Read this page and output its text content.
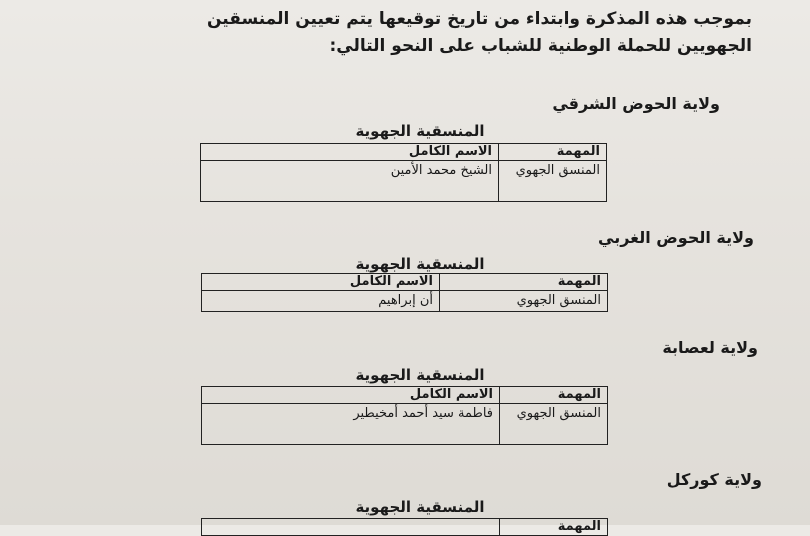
بموجب هذه المذكرة وابتداء من تاريخ توقيعها يتم تعيين المنسقين
الجهويين للحملة الوطنية للشباب على النحو التالي:
ولاية الحوض الشرقي
المنسقية الجهوية
المهمة	الاسم الكامل
المنسق الجهوي	الشيخ محمد الأمين
ولاية الحوض الغربي
المنسقية الجهوية
المهمة	الاسم الكامل
المنسق الجهوي	أن إبراهيم
ولاية لعصابة
المنسقية الجهوية
المهمة	الاسم الكامل
المنسق الجهوي	فاطمة سيد أحمد أمخيطير
ولاية كوركل
المنسقية الجهوية
المهمة	
